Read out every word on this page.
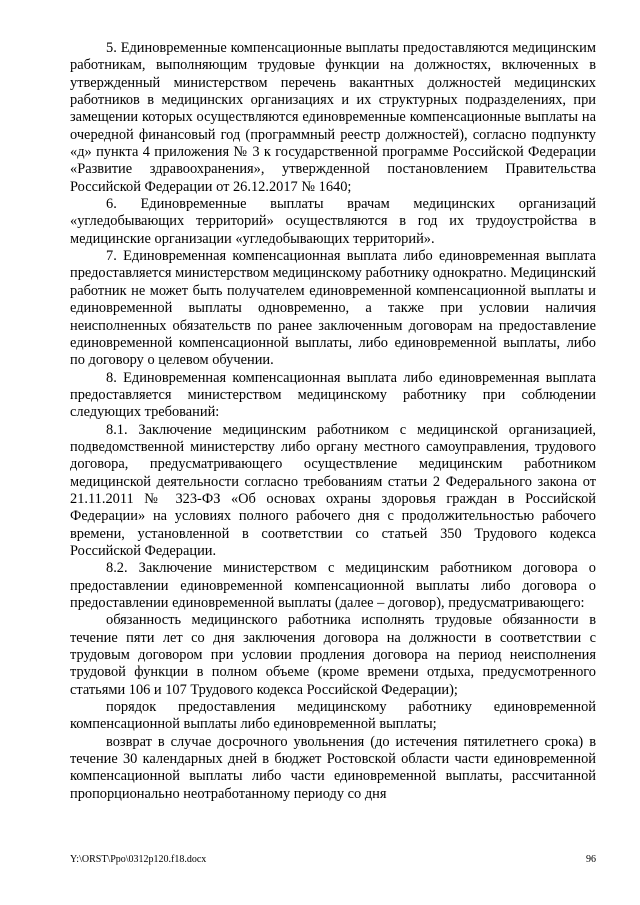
5. Единовременные компенсационные выплаты предоставляются медицинским работникам, выполняющим трудовые функции на должностях, включенных в утвержденный министерством перечень вакантных должностей медицинских работников в медицинских организациях и их структурных подразделениях, при замещении которых осуществляются единовременные компенсационные выплаты на очередной финансовый год (программный реестр должностей), согласно подпункту «д» пункта 4 приложения № 3 к государственной программе Российской Федерации «Развитие здравоохранения», утвержденной постановлением Правительства Российской Федерации от 26.12.2017 № 1640;

6. Единовременные выплаты врачам медицинских организаций «угледобывающих территорий» осуществляются в год их трудоустройства в медицинские организации «угледобывающих территорий».

7. Единовременная компенсационная выплата либо единовременная выплата предоставляется министерством медицинскому работнику однократно. Медицинский работник не может быть получателем единовременной компенсационной выплаты и единовременной выплаты одновременно, а также при условии наличия неисполненных обязательств по ранее заключенным договорам на предоставление единовременной компенсационной выплаты, либо единовременной выплаты, либо по договору о целевом обучении.

8. Единовременная компенсационная выплата либо единовременная выплата предоставляется министерством медицинскому работнику при соблюдении следующих требований:

8.1. Заключение медицинским работником с медицинской организацией, подведомственной министерству либо органу местного самоуправления, трудового договора, предусматривающего осуществление медицинским работником медицинской деятельности согласно требованиям статьи 2 Федерального закона от 21.11.2011 № 323-ФЗ «Об основах охраны здоровья граждан в Российской Федерации» на условиях полного рабочего дня с продолжительностью рабочего времени, установленной в соответствии со статьей 350 Трудового кодекса Российской Федерации.

8.2. Заключение министерством с медицинским работником договора о предоставлении единовременной компенсационной выплаты либо договора о предоставлении единовременной выплаты (далее – договор), предусматривающего:

обязанность медицинского работника исполнять трудовые обязанности в течение пяти лет со дня заключения договора на должности в соответствии с трудовым договором при условии продления договора на период неисполнения трудовой функции в полном объеме (кроме времени отдыха, предусмотренного статьями 106 и 107 Трудового кодекса Российской Федерации);

порядок предоставления медицинскому работнику единовременной компенсационной выплаты либо единовременной выплаты;

возврат в случае досрочного увольнения (до истечения пятилетнего срока) в течение 30 календарных дней в бюджет Ростовской области части единовременной компенсационной выплаты либо части единовременной выплаты, рассчитанной пропорционально неотработанному периоду со дня

Y:\ORST\Ppo\0312p120.f18.docx	96
